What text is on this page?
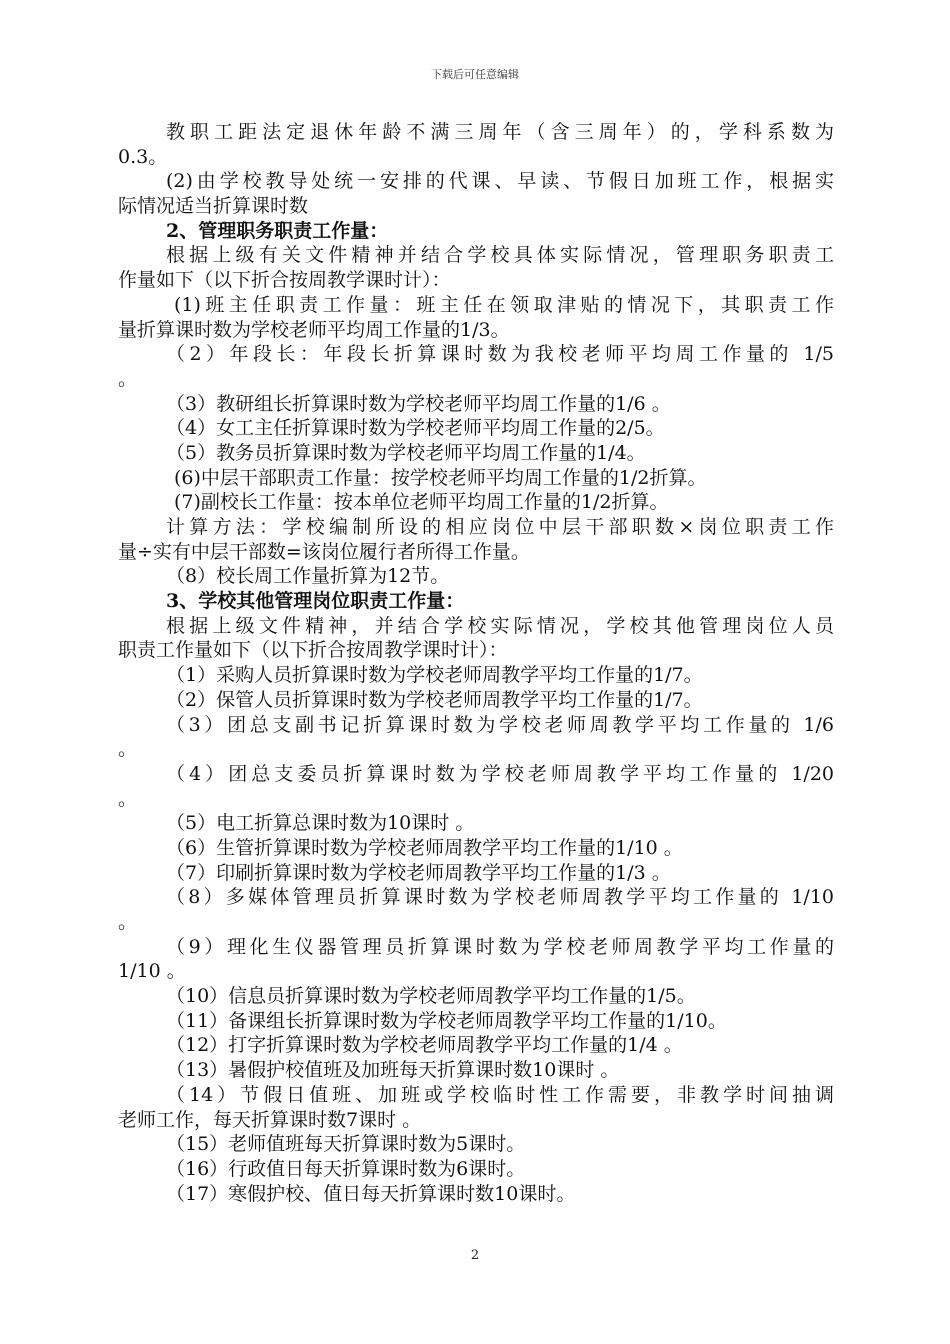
下载后可任意编辑
教职工距法定退休年龄不满三周年（含三周年）的，学科系数为
0.3。
(2)由学校教导处统一安排的代课、早读、节假日加班工作，根据实
际情况适当折算课时数
2、管理职务职责工作量：
根据上级有关文件精神并结合学校具体实际情况，管理职务职责工
作量如下（以下折合按周教学课时计）：
(1)班主任职责工作量：班主任在领取津贴的情况下，其职责工作
量折算课时数为学校老师平均周工作量的1/3。
（2）年段长：年段长折算课时数为我校老师平均周工作量的 1/5
。
（3）教研组长折算课时数为学校老师平均周工作量的1/6 。
（4）女工主任折算课时数为学校老师平均周工作量的2/5。
（5）教务员折算课时数为学校老师平均周工作量的1/4。
(6)中层干部职责工作量：按学校老师平均周工作量的1/2折算。
(7)副校长工作量：按本单位老师平均周工作量的1/2折算。
计算方法：学校编制所设的相应岗位中层干部职数×岗位职责工作
量÷实有中层干部数=该岗位履行者所得工作量。
（8）校长周工作量折算为12节。
3、学校其他管理岗位职责工作量：
根据上级文件精神，并结合学校实际情况，学校其他管理岗位人员
职责工作量如下（以下折合按周教学课时计）：
（1）采购人员折算课时数为学校老师周教学平均工作量的1/7。
（2）保管人员折算课时数为学校老师周教学平均工作量的1/7。
（3）团总支副书记折算课时数为学校老师周教学平均工作量的 1/6
。
（4）团总支委员折算课时数为学校老师周教学平均工作量的 1/20
。
（5）电工折算总课时数为10课时 。
（6）生管折算课时数为学校老师周教学平均工作量的1/10 。
（7）印刷折算课时数为学校老师周教学平均工作量的1/3 。
（8）多媒体管理员折算课时数为学校老师周教学平均工作量的 1/10
。
（9）理化生仪器管理员折算课时数为学校老师周教学平均工作量的
1/10 。
（10）信息员折算课时数为学校老师周教学平均工作量的1/5。
（11）备课组长折算课时数为学校老师周教学平均工作量的1/10。
（12）打字折算课时数为学校老师周教学平均工作量的1/4 。
（13）暑假护校值班及加班每天折算课时数10课时 。
（14）节假日值班、加班或学校临时性工作需要，非教学时间抽调
老师工作，每天折算课时数7课时 。
（15）老师值班每天折算课时数为5课时。
（16）行政值日每天折算课时数为6课时。
（17）寒假护校、值日每天折算课时数10课时。
2
